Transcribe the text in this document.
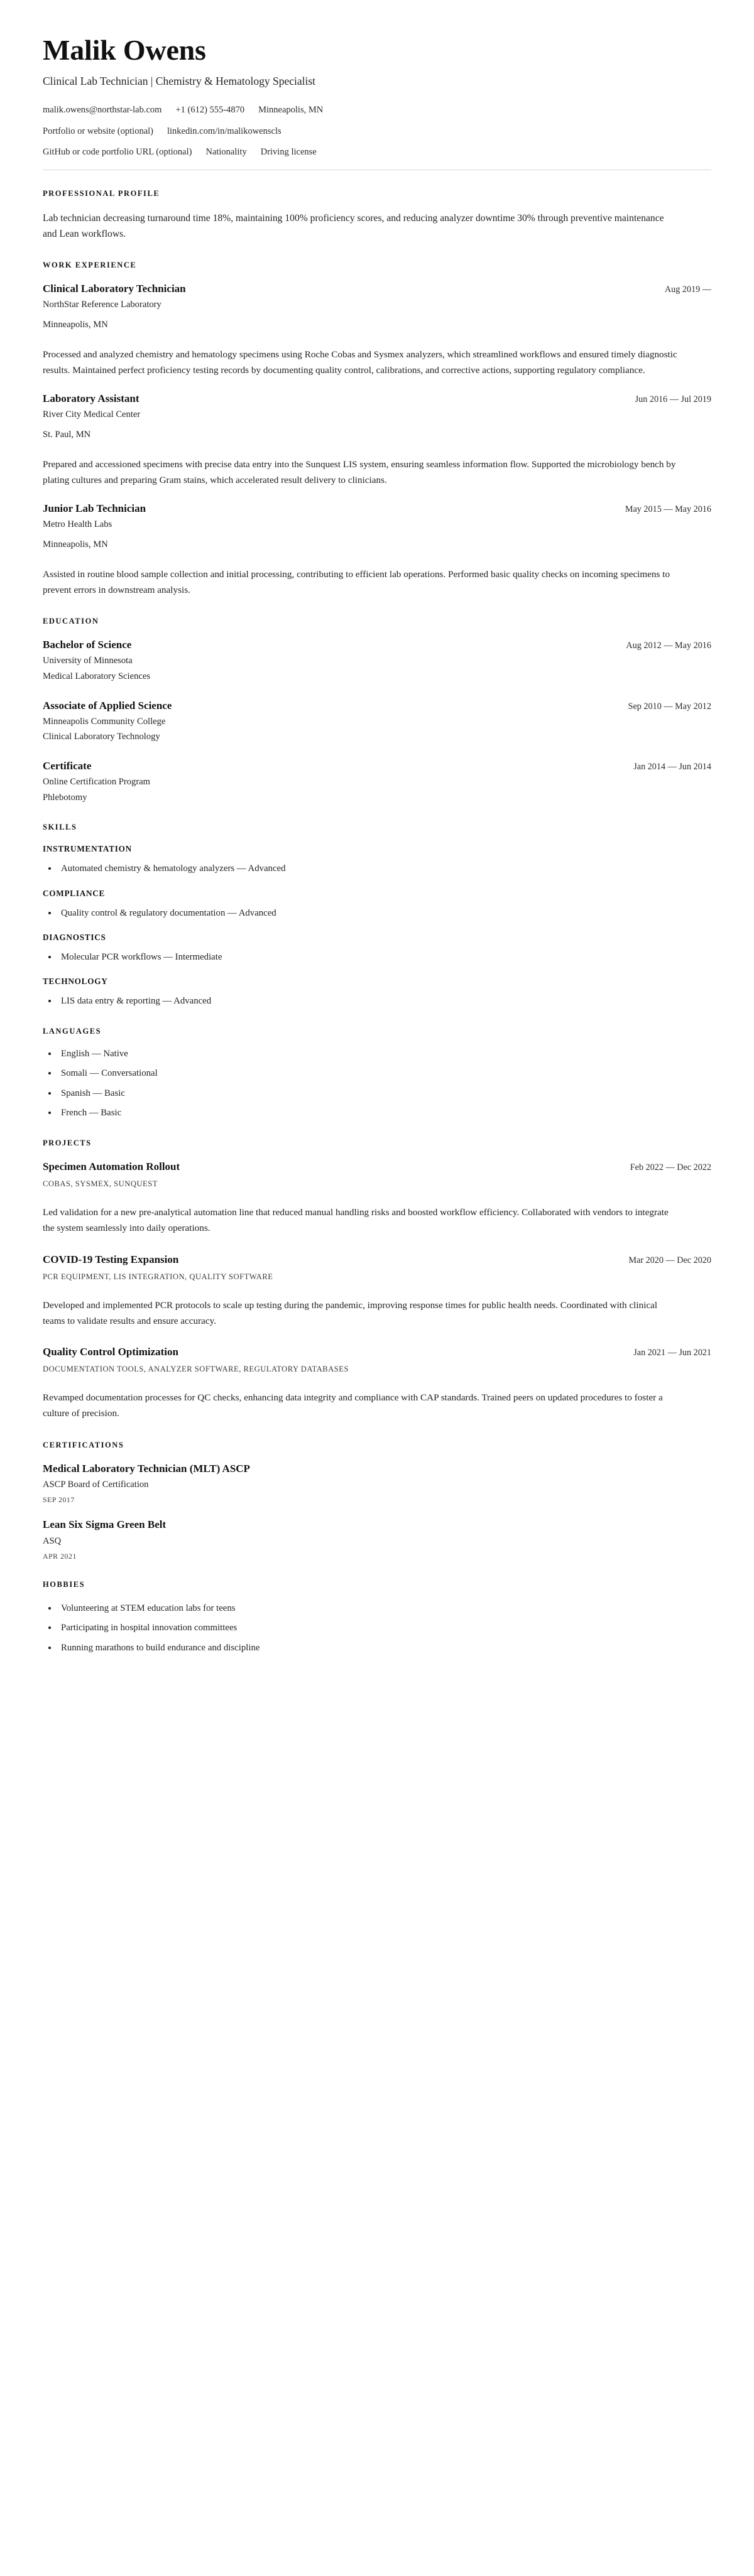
Malik Owens
Clinical Lab Technician | Chemistry & Hematology Specialist
malik.owens@northstar-lab.com +1 (612) 555-4870 Minneapolis, MN
Portfolio or website (optional) linkedin.com/in/malikowenscls
GitHub or code portfolio URL (optional) Nationality Driving license
PROFESSIONAL PROFILE

Lab technician decreasing turnaround time 18%, maintaining 100% proficiency scores, and reducing analyzer downtime 30% through preventive maintenance and Lean workflows.

WORK EXPERIENCE
Clinical Laboratory Technician	Aug 2019 —
NorthStar Reference Laboratory
Minneapolis, MN

Processed and analyzed chemistry and hematology specimens using Roche Cobas and Sysmex analyzers, which streamlined workflows and ensured timely diagnostic results. Maintained perfect proficiency testing records by documenting quality control, calibrations, and corrective actions, supporting regulatory compliance.

Laboratory Assistant	Jun 2016 — Jul 2019
River City Medical Center
St. Paul, MN

Prepared and accessioned specimens with precise data entry into the Sunquest LIS system, ensuring seamless information flow. Supported the microbiology bench by plating cultures and preparing Gram stains, which accelerated result delivery to clinicians.

Junior Lab Technician	May 2015 — May 2016
Metro Health Labs
Minneapolis, MN

Assisted in routine blood sample collection and initial processing, contributing to efficient lab operations. Performed basic quality checks on incoming specimens to prevent errors in downstream analysis.

EDUCATION
Bachelor of Science	Aug 2012 — May 2016
University of Minnesota
Medical Laboratory Sciences
Associate of Applied Science	Sep 2010 — May 2012
Minneapolis Community College
Clinical Laboratory Technology
Certificate	Jan 2014 — Jun 2014
Online Certification Program
Phlebotomy
SKILLS
INSTRUMENTATION
Automated chemistry & hematology analyzers — Advanced
COMPLIANCE
Quality control & regulatory documentation — Advanced
DIAGNOSTICS
Molecular PCR workflows — Intermediate
TECHNOLOGY
LIS data entry & reporting — Advanced
LANGUAGES
English — Native
Somali — Conversational
Spanish — Basic
French — Basic
PROJECTS
Specimen Automation Rollout	Feb 2022 — Dec 2022
COBAS, SYSMEX, SUNQUEST

Led validation for a new pre-analytical automation line that reduced manual handling risks and boosted workflow efficiency. Collaborated with vendors to integrate the system seamlessly into daily operations.

COVID-19 Testing Expansion	Mar 2020 — Dec 2020
PCR EQUIPMENT, LIS INTEGRATION, QUALITY SOFTWARE

Developed and implemented PCR protocols to scale up testing during the pandemic, improving response times for public health needs. Coordinated with clinical teams to validate results and ensure accuracy.

Quality Control Optimization	Jan 2021 — Jun 2021
DOCUMENTATION TOOLS, ANALYZER SOFTWARE, REGULATORY DATABASES

Revamped documentation processes for QC checks, enhancing data integrity and compliance with CAP standards. Trained peers on updated procedures to foster a culture of precision.

CERTIFICATIONS
Medical Laboratory Technician (MLT) ASCP
ASCP Board of Certification
SEP 2017
Lean Six Sigma Green Belt
ASQ
APR 2021
HOBBIES
Volunteering at STEM education labs for teens
Participating in hospital innovation committees
Running marathons to build endurance and discipline
